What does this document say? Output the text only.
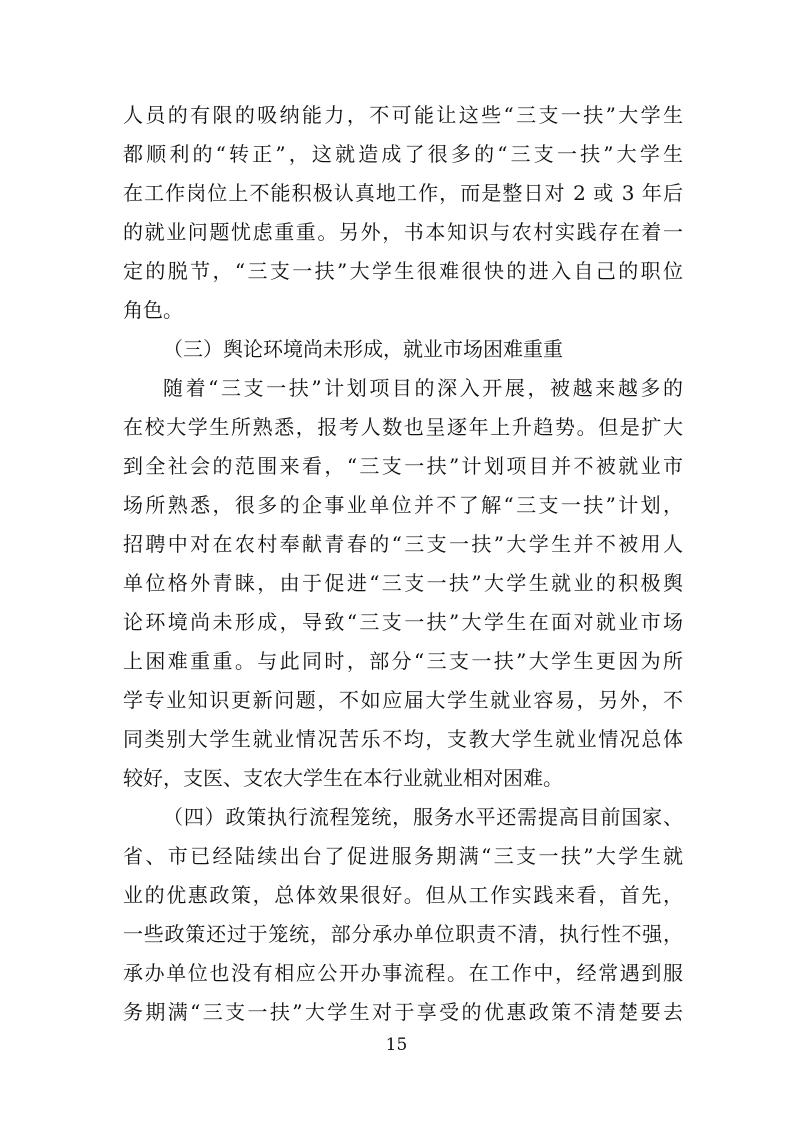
人员的有限的吸纳能力，不可能让这些“三支一扶”大学生
都顺利的“转正”，这就造成了很多的“三支一扶”大学生
在工作岗位上不能积极认真地工作，而是整日对 2 或 3 年后
的就业问题忧虑重重。另外，书本知识与农村实践存在着一
定的脱节，“三支一扶”大学生很难很快的进入自己的职位
角色。
（三）舆论环境尚未形成，就业市场困难重重
随着“三支一扶”计划项目的深入开展，被越来越多的
在校大学生所熟悉，报考人数也呈逐年上升趋势。但是扩大
到全社会的范围来看，“三支一扶”计划项目并不被就业市
场所熟悉，很多的企事业单位并不了解“三支一扶”计划，
招聘中对在农村奉献青春的“三支一扶”大学生并不被用人
单位格外青睐，由于促进“三支一扶”大学生就业的积极舆
论环境尚未形成，导致“三支一扶”大学生在面对就业市场
上困难重重。与此同时，部分“三支一扶”大学生更因为所
学专业知识更新问题，不如应届大学生就业容易，另外，不
同类别大学生就业情况苦乐不均，支教大学生就业情况总体
较好，支医、支农大学生在本行业就业相对困难。
（四）政策执行流程笼统，服务水平还需提高目前国家、
省、市已经陆续出台了促进服务期满“三支一扶”大学生就
业的优惠政策，总体效果很好。但从工作实践来看，首先，
一些政策还过于笼统，部分承办单位职责不清，执行性不强，
承办单位也没有相应公开办事流程。在工作中，经常遇到服
务期满“三支一扶”大学生对于享受的优惠政策不清楚要去
15
